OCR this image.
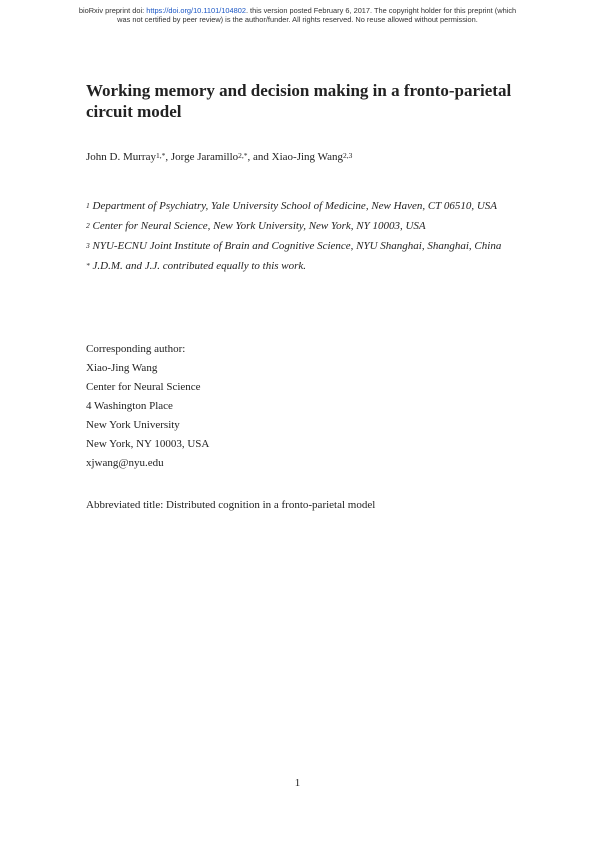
bioRxiv preprint doi: https://doi.org/10.1101/104802. this version posted February 6, 2017. The copyright holder for this preprint (which
was not certified by peer review) is the author/funder. All rights reserved. No reuse allowed without permission.
Working memory and decision making in a fronto-parietal circuit model
John D. Murray$^{1,*}$, Jorge Jaramillo$^{2,*}$, and Xiao-Jing Wang$^{2,3}$

$^1$ Department of Psychiatry, Yale University School of Medicine, New Haven, CT 06510, USA

$^2$ Center for Neural Science, New York University, New York, NY 10003, USA

$^3$ NYU-ECNU Joint Institute of Brain and Cognitive Science, NYU Shanghai, Shanghai, China

* J.D.M. and J.J. contributed equally to this work.

Corresponding author:
Xiao-Jing Wang
Center for Neural Science
4 Washington Place
New York University
New York, NY 10003, USA
xjwang@nyu.edu
Abbreviated title: Distributed cognition in a fronto-parietal model
1
